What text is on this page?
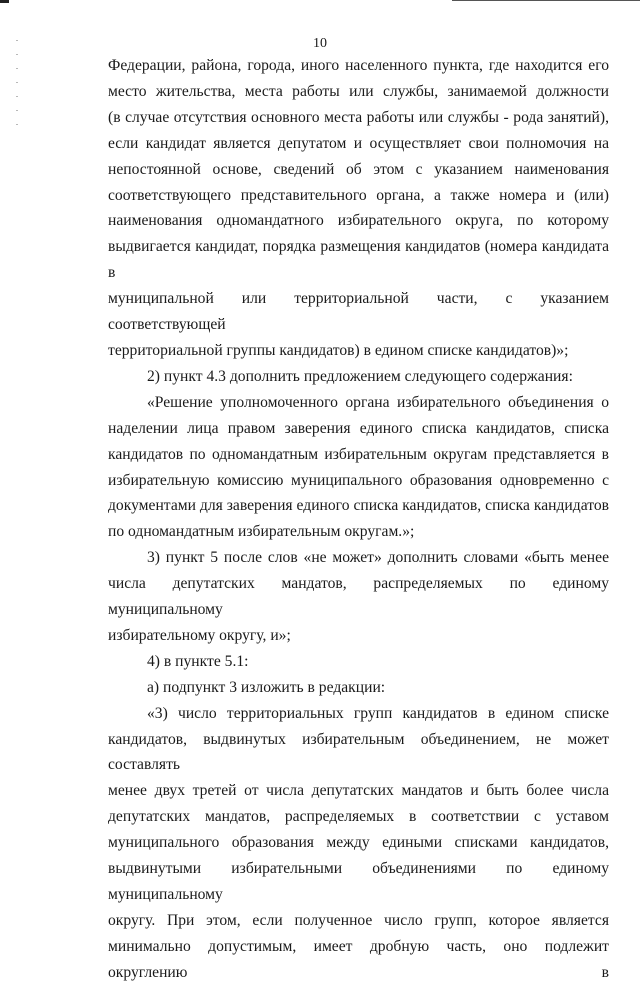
10

Федерации, района, города, иного населенного пункта, где находится его

место жительства, места работы или службы, занимаемой должности

(в случае отсутствия основного места работы или службы - рода занятий),

если кандидат является депутатом и осуществляет свои полномочия на

непостоянной основе, сведений об этом с указанием наименования

соответствующего представительного органа, а также номера и (или)

наименования одномандатного избирательного округа, по которому

выдвигается кандидат, порядка размещения кандидатов (номера кандидата в

муниципальной или территориальной части, с указанием соответствующей

территориальной группы кандидатов) в едином списке кандидатов)»;

2) пункт 4.3 дополнить предложением следующего содержания:

«Решение уполномоченного органа избирательного объединения о

наделении лица правом заверения единого списка кандидатов, списка

кандидатов по одномандатным избирательным округам представляется в

избирательную комиссию муниципального образования одновременно с

документами для заверения единого списка кандидатов, списка кандидатов

по одномандатным избирательным округам.»;

3) пункт 5 после слов «не может» дополнить словами «быть менее

числа депутатских мандатов, распределяемых по единому муниципальному

избирательному округу, и»;

4) в пункте 5.1:

а) подпункт 3 изложить в редакции:

«3) число территориальных групп кандидатов в едином списке

кандидатов, выдвинутых избирательным объединением, не может составлять

менее двух третей от числа депутатских мандатов и быть более числа

депутатских мандатов, распределяемых в соответствии с уставом

муниципального образования между едиными списками кандидатов,

выдвинутыми избирательными объединениями по единому муниципальному

округу. При этом, если полученное число групп, которое является

минимально допустимым, имеет дробную часть, оно подлежит округлению в
